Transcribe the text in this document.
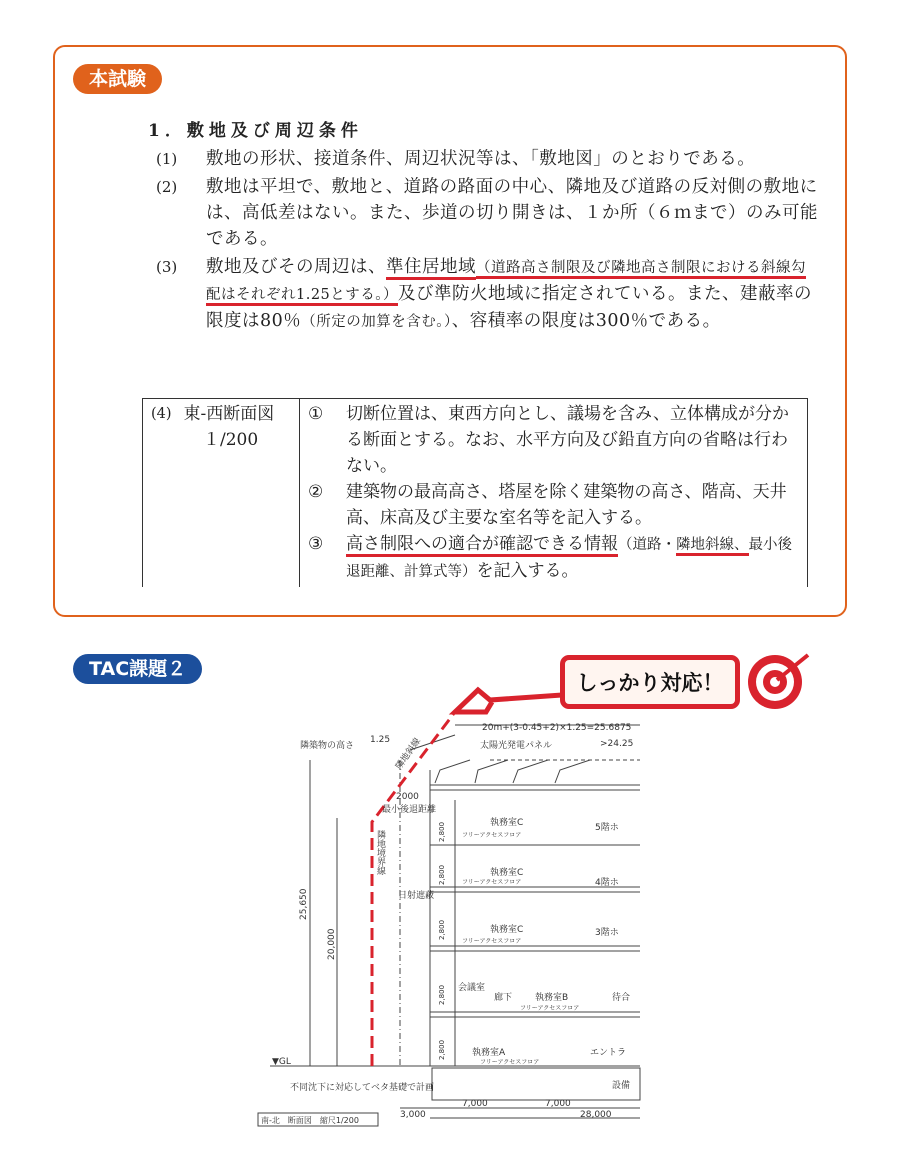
本試験
1．敷地及び周辺条件
(1)	敷地の形状、接道条件、周辺状況等は、「敷地図」のとおりである。
(2)	敷地は平坦で、敷地と、道路の路面の中心、隣地及び道路の反対側の敷地には、高低差はない。また、歩道の切り開きは、１か所（６ｍまで）のみ可能である。
(3)	敷地及びその周辺は、準住居地域（道路高さ制限及び隣地高さ制限における斜線勾配はそれぞれ1.25とする。）及び準防火地域に指定されている。また、建蔽率の限度は80％（所定の加算を含む。）、容積率の限度は300％である。
(4) 東-西断面図
１/200

①	切断位置は、東西方向とし、議場を含み、立体構成が分かる断面とする。なお、水平方向及び鉛直方向の省略は行わない。
②	建築物の最高高さ、塔屋を除く建築物の高さ、階高、天井高、床高及び主要な室名等を記入する。
③	高さ制限への適合が確認できる情報（道路・隣地斜線、最小後退距離、計算式等）を記入する。
TAC課題２
20m+(3-0.45+2)×1.25=25.6875
>24.25
太陽光発電パネル
隣築物の高さ
1.25 隣地斜線
2000
最小後退距離
隣地境界線
日射遮蔽
25,650
20,000
▼GL
執務室C	5階ホ
執務室C
4階ホ
執務室C	3階ホ
執務室B	待合
執務室A	エントラ
会議室
廊下
設備
フリーアクセスフロア
フリーアクセスフロア
フリーアクセスフロア
フリーアクセスフロア
フリーアクセスフロア
2,800
2,800
2,800
2,800
2,800
不同沈下に対応してベタ基礎で計画
7,000	7,000
28,000
3,000
南-北　断面図　縮尺1/200
しっかり対応！
